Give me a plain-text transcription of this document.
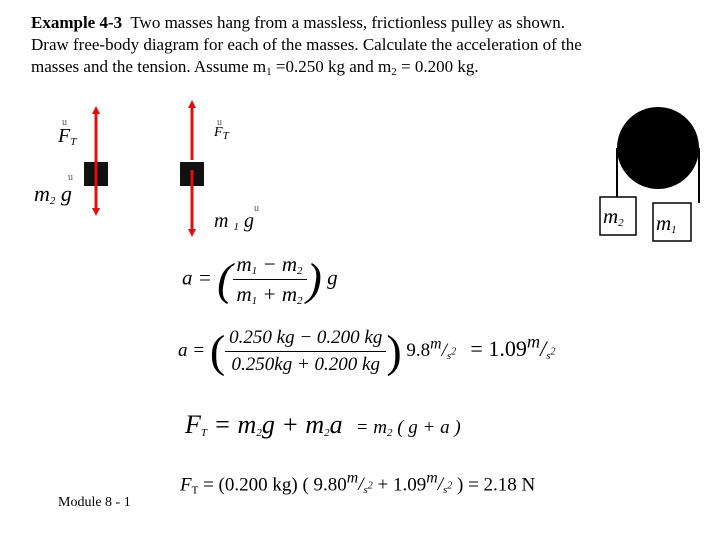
Example 4-3 Two masses hang from a massless, frictionless pulley as shown.
Draw free-body diagram for each of the masses. Calculate the acceleration of the
masses and the tension. Assume $m_1 =0.250$ kg and $m_2 = 0.200$ kg.
u
$F_T$
u
$m_2$ g
u
$F_T$
u
m $_1$ g	$m_2$ $m_1$
a = ( $\frac{m_1 - m_2}{m_1 + m_2}$ ) g
a = ( $\frac{0.250 kg - 0.200 kg}{0.250kg + 0.200 kg}$ ) $9.8^m/_{s^2} = 1.09^m/_{s^2}$
$F_T = m_2g + m_2a = m_2$ ( g + a )
$F_T = (0.200$ kg) ( $9.80^m/_{s^2} + 1.09^m/_{s^2}$ ) = 2.18 N
Module 8 - 1
